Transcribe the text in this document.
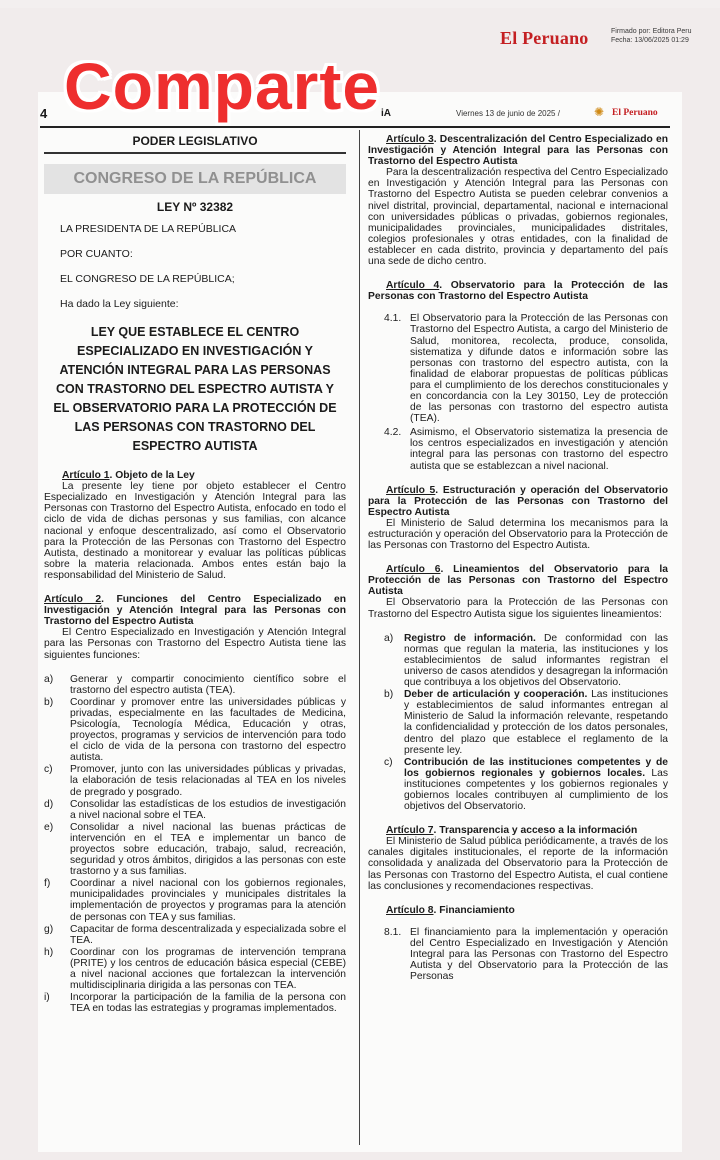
El Peruano	Firmado por: Editora Peru
Fecha: 13/06/2025 01:29
Comparte
4	iA	Viernes 13 de junio de 2025 /	✺ El Peruano
PODER LEGISLATIVO
CONGRESO DE LA REPÚBLICA
LEY Nº 32382
LA PRESIDENTA DE LA REPÚBLICA
POR CUANTO:
EL CONGRESO DE LA REPÚBLICA;
Ha dado la Ley siguiente:
LEY QUE ESTABLECE EL CENTRO ESPECIALIZADO EN INVESTIGACIÓN Y ATENCIÓN INTEGRAL PARA LAS PERSONAS CON TRASTORNO DEL ESPECTRO AUTISTA Y EL OBSERVATORIO PARA LA PROTECCIÓN DE LAS PERSONAS CON TRASTORNO DEL ESPECTRO AUTISTA
Artículo 1. Objeto de la Ley
La presente ley tiene por objeto establecer el Centro Especializado en Investigación y Atención Integral para las Personas con Trastorno del Espectro Autista, enfocado en todo el ciclo de vida de dichas personas y sus familias, con alcance nacional y enfoque descentralizado, así como el Observatorio para la Protección de las Personas con Trastorno del Espectro Autista, destinado a monitorear y evaluar las políticas públicas sobre la materia relacionada. Ambos entes están bajo la responsabilidad del Ministerio de Salud.
Artículo 2. Funciones del Centro Especializado en Investigación y Atención Integral para las Personas con Trastorno del Espectro Autista
El Centro Especializado en Investigación y Atención Integral para las Personas con Trastorno del Espectro Autista tiene las siguientes funciones:
a)	Generar y compartir conocimiento científico sobre el trastorno del espectro autista (TEA).
b)	Coordinar y promover entre las universidades públicas y privadas, especialmente en las facultades de Medicina, Psicología, Tecnología Médica, Educación y otras, proyectos, programas y servicios de intervención para todo el ciclo de vida de la persona con trastorno del espectro autista.
c)	Promover, junto con las universidades públicas y privadas, la elaboración de tesis relacionadas al TEA en los niveles de pregrado y posgrado.
d)	Consolidar las estadísticas de los estudios de investigación a nivel nacional sobre el TEA.
e)	Consolidar a nivel nacional las buenas prácticas de intervención en el TEA e implementar un banco de proyectos sobre educación, trabajo, salud, recreación, seguridad y otros ámbitos, dirigidos a las personas con este trastorno y a sus familias.
f)	Coordinar a nivel nacional con los gobiernos regionales, municipalidades provinciales y municipales distritales la implementación de proyectos y programas para la atención de personas con TEA y sus familias.
g)	Capacitar de forma descentralizada y especializada sobre el TEA.
h)	Coordinar con los programas de intervención temprana (PRITE) y los centros de educación básica especial (CEBE) a nivel nacional acciones que fortalezcan la intervención multidisciplinaria dirigida a las personas con TEA.
i)	Incorporar la participación de la familia de la persona con TEA en todas las estrategias y programas implementados.
Artículo 3. Descentralización del Centro Especializado en Investigación y Atención Integral para las Personas con Trastorno del Espectro Autista
Para la descentralización respectiva del Centro Especializado en Investigación y Atención Integral para las Personas con Trastorno del Espectro Autista se pueden celebrar convenios a nivel distrital, provincial, departamental, nacional e internacional con universidades públicas o privadas, gobiernos regionales, municipalidades provinciales, municipalidades distritales, colegios profesionales y otras entidades, con la finalidad de establecer en cada distrito, provincia y departamento del país una sede de dicho centro.
Artículo 4. Observatorio para la Protección de las Personas con Trastorno del Espectro Autista
4.1. El Observatorio para la Protección de las Personas con Trastorno del Espectro Autista, a cargo del Ministerio de Salud, monitorea, recolecta, produce, consolida, sistematiza y difunde datos e información sobre las personas con trastorno del espectro autista, con la finalidad de elaborar propuestas de políticas públicas para el cumplimiento de los derechos constitucionales y en concordancia con la Ley 30150, Ley de protección de las personas con trastorno del espectro autista (TEA).
4.2. Asimismo, el Observatorio sistematiza la presencia de los centros especializados en investigación y atención integral para las personas con trastorno del espectro autista que se establezcan a nivel nacional.
Artículo 5. Estructuración y operación del Observatorio para la Protección de las Personas con Trastorno del Espectro Autista
El Ministerio de Salud determina los mecanismos para la estructuración y operación del Observatorio para la Protección de las Personas con Trastorno del Espectro Autista.
Artículo 6. Lineamientos del Observatorio para la Protección de las Personas con Trastorno del Espectro Autista
El Observatorio para la Protección de las Personas con Trastorno del Espectro Autista sigue los siguientes lineamientos:
a)	Registro de información. De conformidad con las normas que regulan la materia, las instituciones y los establecimientos de salud informantes registran el universo de casos atendidos y desagregan la información que contribuya a los objetivos del Observatorio.
b)	Deber de articulación y cooperación. Las instituciones y establecimientos de salud informantes entregan al Ministerio de Salud la información relevante, respetando la confidencialidad y protección de los datos personales, dentro del plazo que establece el reglamento de la presente ley.
c)	Contribución de las instituciones competentes y de los gobiernos regionales y gobiernos locales. Las instituciones competentes y los gobiernos regionales y gobiernos locales contribuyen al cumplimiento de los objetivos del Observatorio.
Artículo 7. Transparencia y acceso a la información
El Ministerio de Salud pública periódicamente, a través de los canales digitales institucionales, el reporte de la información consolidada y analizada del Observatorio para la Protección de las Personas con Trastorno del Espectro Autista, el cual contiene las conclusiones y recomendaciones respectivas.
Artículo 8. Financiamiento
8.1. El financiamiento para la implementación y operación del Centro Especializado en Investigación y Atención Integral para las Personas con Trastorno del Espectro Autista y del Observatorio para la Protección de las Personas
